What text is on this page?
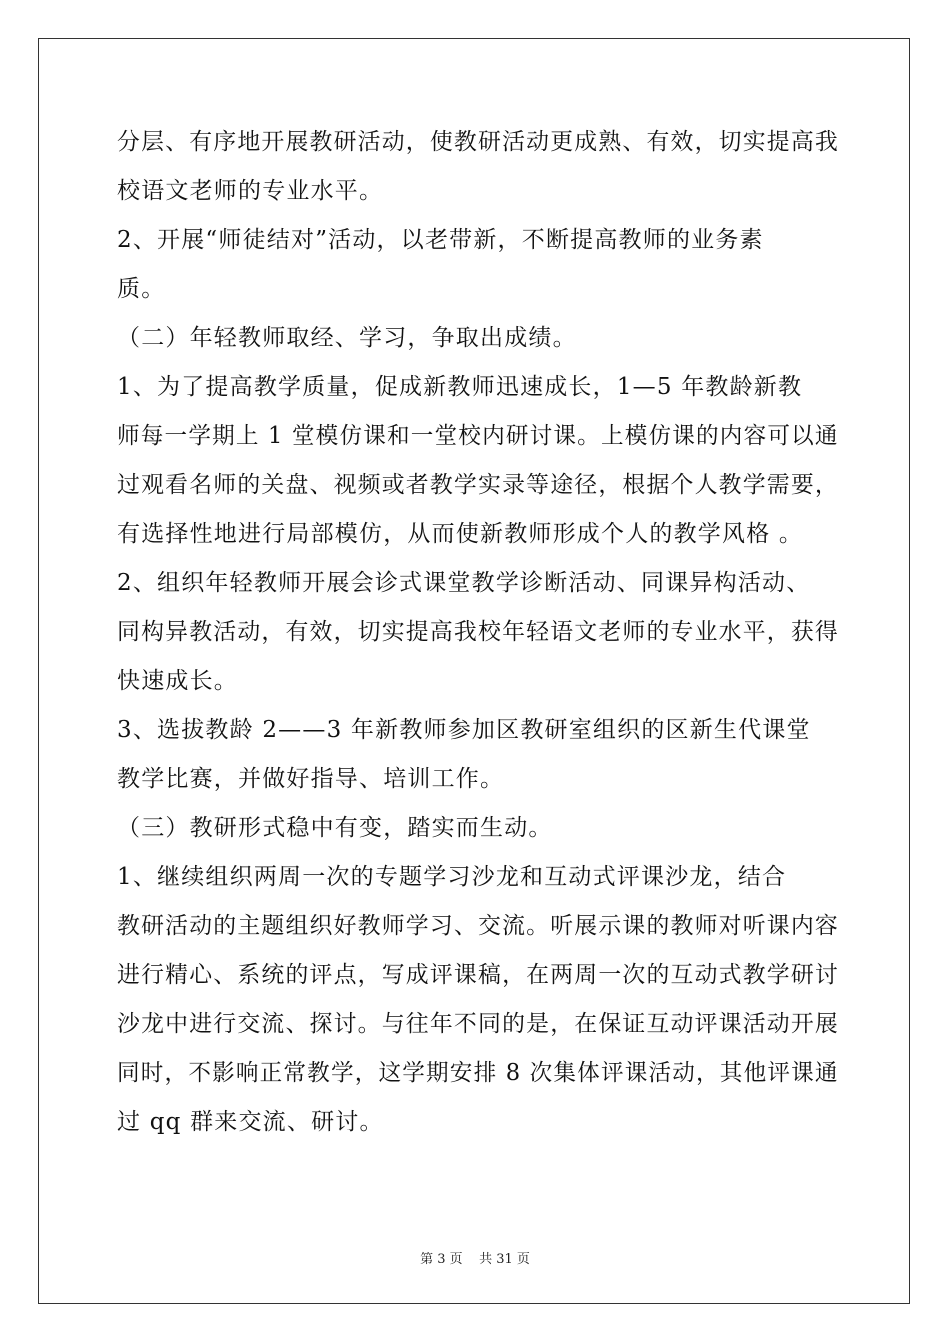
分层、有序地开展教研活动，使教研活动更成熟、有效，切实提高我
校语文老师的专业水平。
2、开展“师徒结对”活动，以老带新，不断提高教师的业务素
质。
（二）年轻教师取经、学习，争取出成绩。
1、为了提高教学质量，促成新教师迅速成长，1—5 年教龄新教
师每一学期上 1 堂模仿课和一堂校内研讨课。上模仿课的内容可以通
过观看名师的关盘、视频或者教学实录等途径，根据个人教学需要，
有选择性地进行局部模仿，从而使新教师形成个人的教学风格 。
2、组织年轻教师开展会诊式课堂教学诊断活动、同课异构活动、
同构异教活动，有效，切实提高我校年轻语文老师的专业水平，获得
快速成长。
3、选拔教龄 2——3 年新教师参加区教研室组织的区新生代课堂
教学比赛，并做好指导、培训工作。
（三）教研形式稳中有变，踏实而生动。
1、继续组织两周一次的专题学习沙龙和互动式评课沙龙，结合
教研活动的主题组织好教师学习、交流。听展示课的教师对听课内容
进行精心、系统的评点，写成评课稿，在两周一次的互动式教学研讨
沙龙中进行交流、探讨。与往年不同的是，在保证互动评课活动开展
同时，不影响正常教学，这学期安排 8 次集体评课活动，其他评课通
过 qq 群来交流、研讨。
第 3 页    共 31 页
